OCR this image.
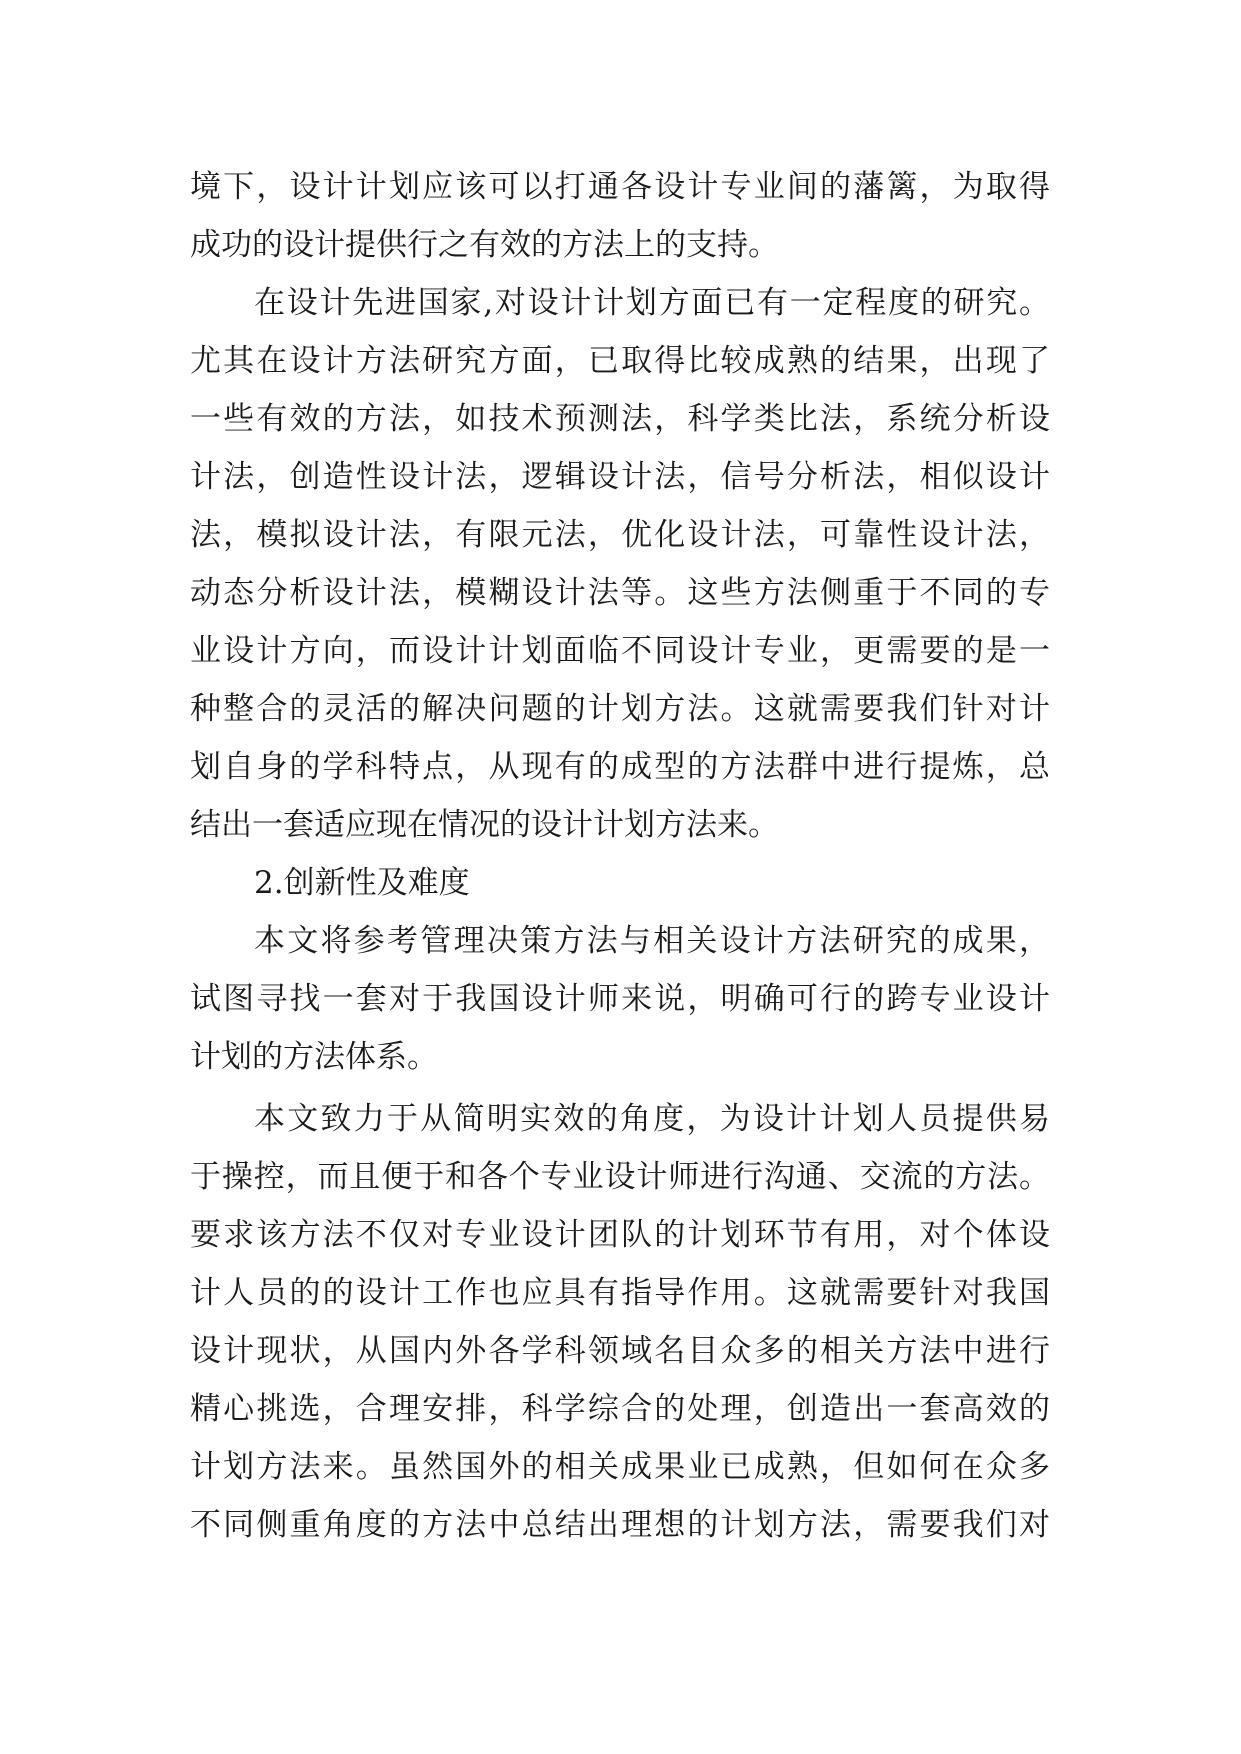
境下，设计计划应该可以打通各设计专业间的藩篱，为取得
成功的设计提供行之有效的方法上的支持。
在设计先进国家,对设计计划方面已有一定程度的研究。
尤其在设计方法研究方面，已取得比较成熟的结果，出现了
一些有效的方法，如技术预测法，科学类比法，系统分析设
计法，创造性设计法，逻辑设计法，信号分析法，相似设计
法，模拟设计法，有限元法，优化设计法，可靠性设计法，
动态分析设计法，模糊设计法等。这些方法侧重于不同的专
业设计方向，而设计计划面临不同设计专业，更需要的是一
种整合的灵活的解决问题的计划方法。这就需要我们针对计
划自身的学科特点，从现有的成型的方法群中进行提炼，总
结出一套适应现在情况的设计计划方法来。
2.创新性及难度
本文将参考管理决策方法与相关设计方法研究的成果，
试图寻找一套对于我国设计师来说，明确可行的跨专业设计
计划的方法体系。
本文致力于从简明实效的角度，为设计计划人员提供易
于操控，而且便于和各个专业设计师进行沟通、交流的方法。
要求该方法不仅对专业设计团队的计划环节有用，对个体设
计人员的的设计工作也应具有指导作用。这就需要针对我国
设计现状，从国内外各学科领域名目众多的相关方法中进行
精心挑选，合理安排，科学综合的处理，创造出一套高效的
计划方法来。虽然国外的相关成果业已成熟，但如何在众多
不同侧重角度的方法中总结出理想的计划方法，需要我们对
